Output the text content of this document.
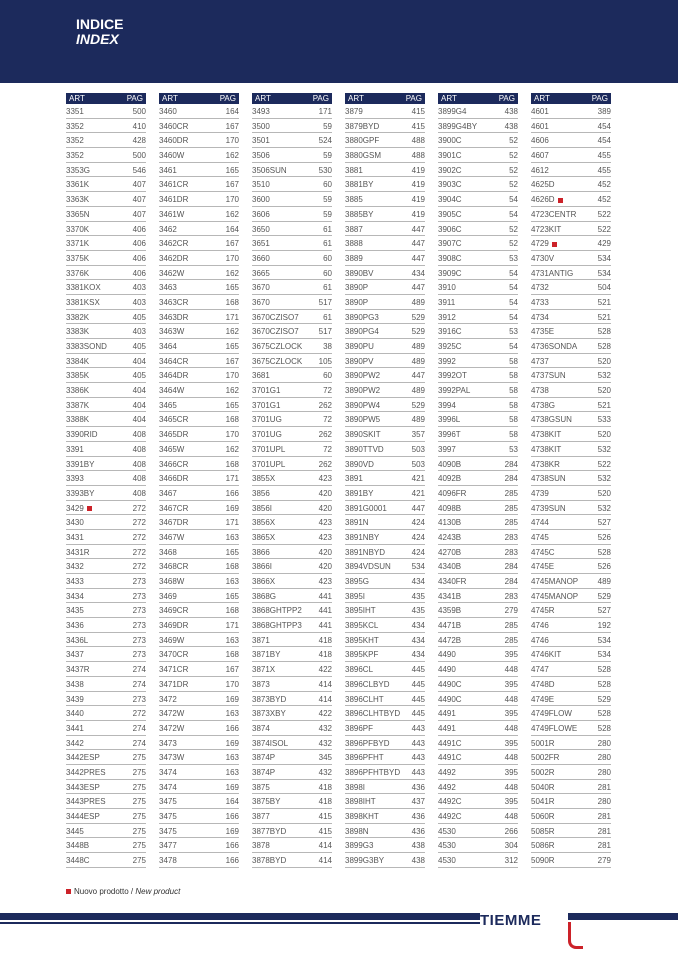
INDICE
INDEX
ART	PAG
3351	500
3352	410
3352	428
3352	500
3353G	546
3361K	407
3363K	407
3365N	407
3370K	406
3371K	406
3375K	406
3376K	406
3381KOX	403
3381KSX	403
3382K	405
3383K	403
3383SOND	405
3384K	404
3385K	405
3386K	404
3387K	404
3388K	404
3390RID	408
3391	408
3391BY	408
3393	408
3393BY	408
3429	272
3430	272
3431	272
3431R	272
3432	272
3433	273
3434	273
3435	273
3436	273
3436L	273
3437	273
3437R	274
3438	274
3439	273
3440	272
3441	274
3442	274
3442ESP	275
3442PRES	275
3443ESP	275
3443PRES	275
3444ESP	275
3445	275
3448B	275
3448C	275
ART	PAG
3460	164
3460CR	167
3460DR	170
3460W	162
3461	165
3461CR	167
3461DR	170
3461W	162
3462	164
3462CR	167
3462DR	170
3462W	162
3463	165
3463CR	168
3463DR	171
3463W	162
3464	165
3464CR	167
3464DR	170
3464W	162
3465	165
3465CR	168
3465DR	170
3465W	162
3466CR	168
3466DR	171
3467	166
3467CR	169
3467DR	171
3467W	163
3468	165
3468CR	168
3468W	163
3469	165
3469CR	168
3469DR	171
3469W	163
3470CR	168
3471CR	167
3471DR	170
3472	169
3472W	163
3472W	166
3473	169
3473W	163
3474	163
3474	169
3475	164
3475	166
3475	169
3477	166
3478	166
ART	PAG
3493	171
3500	59
3501	524
3506	59
3506SUN	530
3510	60
3600	59
3606	59
3650	61
3651	61
3660	60
3665	60
3670	61
3670	517
3670CZISO7	61
3670CZISO7 517
3675CZLOCK	38
3675CZLOCK 105
3681	60
3701G1	72
3701G1	262
3701UG	72
3701UG	262
3701UPL	72
3701UPL	262
3855X	423
3856	420
3856I	420
3856X	423
3865X	423
3866	420
3866I	420
3866X	423
3868G	441
3868GHTPP2 441
3868GHTPP3 441
3871	418
3871BY	418
3871X	422
3873	414
3873BYD	414
3873XBY	422
3874	432
3874ISOL	432
3874P	345
3874P	432
3875	418
3875BY	418
3877	415
3877BYD	415
3878	414
3878BYD	414
ART	PAG
3879	415
3879BYD	415
3880GPF	488
3880GSM	488
3881	419
3881BY	419
3885	419
3885BY	419
3887	447
3888	447
3889	447
3890BV	434
3890P	447
3890P	489
3890PG3	529
3890PG4	529
3890PU	489
3890PV	489
3890PW2	447
3890PW2	489
3890PW4	529
3890PW5	489
3890SKIT	357
3890TTVD	503
3890VD	503
3891	421
3891BY	421
3891G0001	447
3891N	424
3891NBY	424
3891NBYD	424
3894VDSUN	534
3895G	434
3895I	435
3895IHT	435
3895KCL	434
3895KHT	434
3895KPF	434
3896CL	445
3896CLBYD	445
3896CLHT	445
3896CLHTBYD 445
3896PF	443
3896PFBYD	443
3896PFHT	443
3896PFHTBYD 443
3898I	436
3898IHT	437
3898KHT	436
3898N	436
3899G3	438
3899G3BY	438
ART	PAG
3899G4	438
3899G4BY	438
3900C	52
3901C	52
3902C	52
3903C	52
3904C	54
3905C	54
3906C	52
3907C	52
3908C	53
3909C	54
3910	54
3911	54
3912	54
3916C	53
3925C	54
3992	58
3992OT	58
3992PAL	58
3994	58
3996L	58
3996T	58
3997	53
4090B	284
4092B	284
4096FR	285
4098B	285
4130B	285
4243B	283
4270B	283
4340B	284
4340FR	284
4341B	283
4359B	279
4471B	285
4472B	285
4490	395
4490	448
4490C	395
4490C	448
4491	395
4491	448
4491C	395
4491C	448
4492	395
4492	448
4492C	395
4492C	448
4530	266
4530	304
4530	312
ART	PAG
4601	389
4601	454
4606	454
4607	455
4612	455
4625D	452
4626D	452
4723CENTR	522
4723KIT	522
4729	429
4730V	534
4731ANTIG	534
4732	504
4733	521
4734	521
4735E	528
4736SONDA	528
4737	520
4737SUN	532
4738	520
4738G	521
4738GSUN	533
4738KIT	520
4738KIT	532
4738KR	522
4738SUN	532
4739	520
4739SUN	532
4744	527
4745	526
4745C	528
4745E	526
4745MANOP 489
4745MANOP 529
4745R	527
4746	192
4746	534
4746KIT	534
4747	528
4748D	528
4749E	529
4749FLOW	528
4749FLOWE	528
5001R	280
5002FR	280
5002R	280
5040R	281
5041R	280
5060R	281
5085R	281
5086R	281
5090R	279
Nuovo prodotto / New product
TIEMME
